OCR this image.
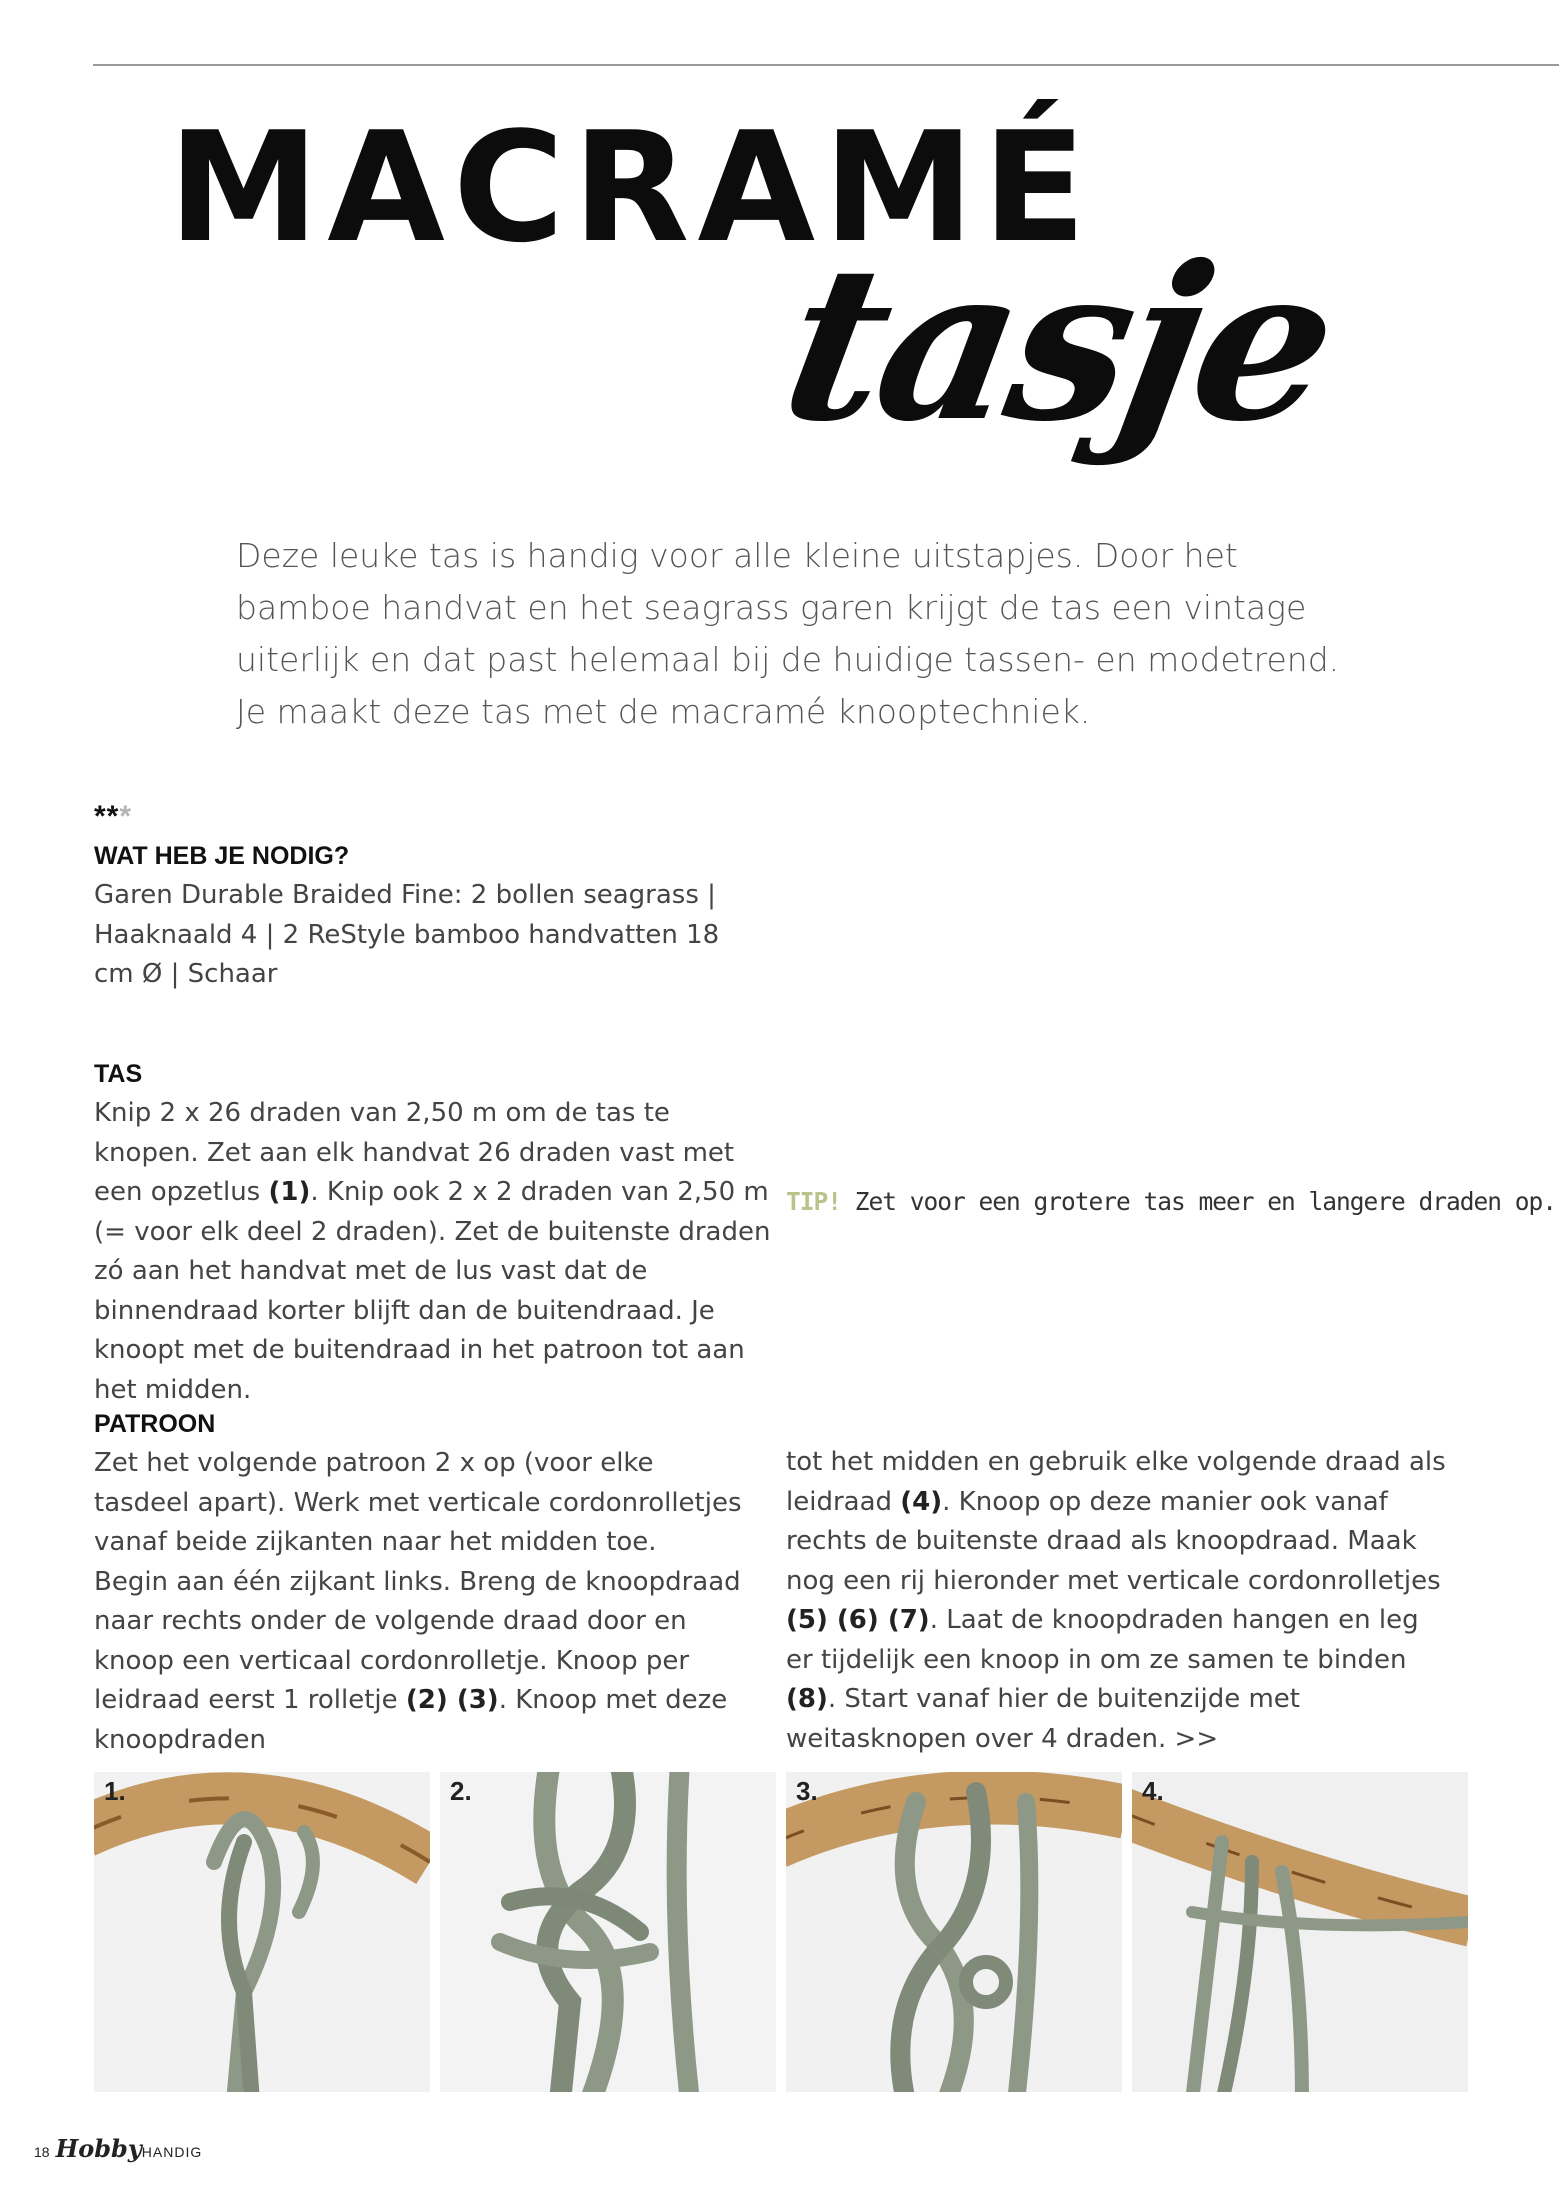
MACRAMÉ
tasje

Deze leuke tas is handig voor alle kleine uitstapjes. Door het bamboe handvat en het seagrass garen krijgt de tas een vintage uiterlijk en dat past helemaal bij de huidige tassen- en modetrend. Je maakt deze tas met de macramé knooptechniek.

***
WAT HEB JE NODIG?

Garen Durable Braided Fine: 2 bollen seagrass | Haaknaald 4 | 2 ReStyle bamboo handvatten 18 cm Ø | Schaar

TAS

Knip 2 x 26 draden van 2,50 m om de tas te knopen. Zet aan elk handvat 26 draden vast met een opzetlus (1). Knip ook 2 x 2 draden van 2,50 m (= voor elk deel 2 draden). Zet de buitenste draden zó aan het handvat met de lus vast dat de binnendraad korter blijft dan de buitendraad. Je knoopt met de buitendraad in het patroon tot aan het midden.

TIP! Zet voor een grotere tas meer en langere draden op.
PATROON
Zet het volgende patroon 2 x op (voor elke tasdeel apart). Werk met verticale cordonrolletjes vanaf beide zijkanten naar het midden toe.
Begin aan één zijkant links. Breng de knoopdraad naar rechts onder de volgende draad door en knoop een verticaal cordonrolletje. Knoop per leidraad eerst 1 rolletje (2) (3). Knoop met deze knoopdraden

tot het midden en gebruik elke volgende draad als leidraad (4). Knoop op deze manier ook vanaf rechts de buitenste draad als knoopdraad. Maak nog een rij hieronder met verticale cordonrolletjes (5) (6) (7). Laat de knoopdraden hangen en leg er tijdelijk een knoop in om ze samen te binden (8). Start vanaf hier de buitenzijde met weitasknopen over 4 draden. >>

1.	2.	3.	4.
18 HobbyHANDIG
